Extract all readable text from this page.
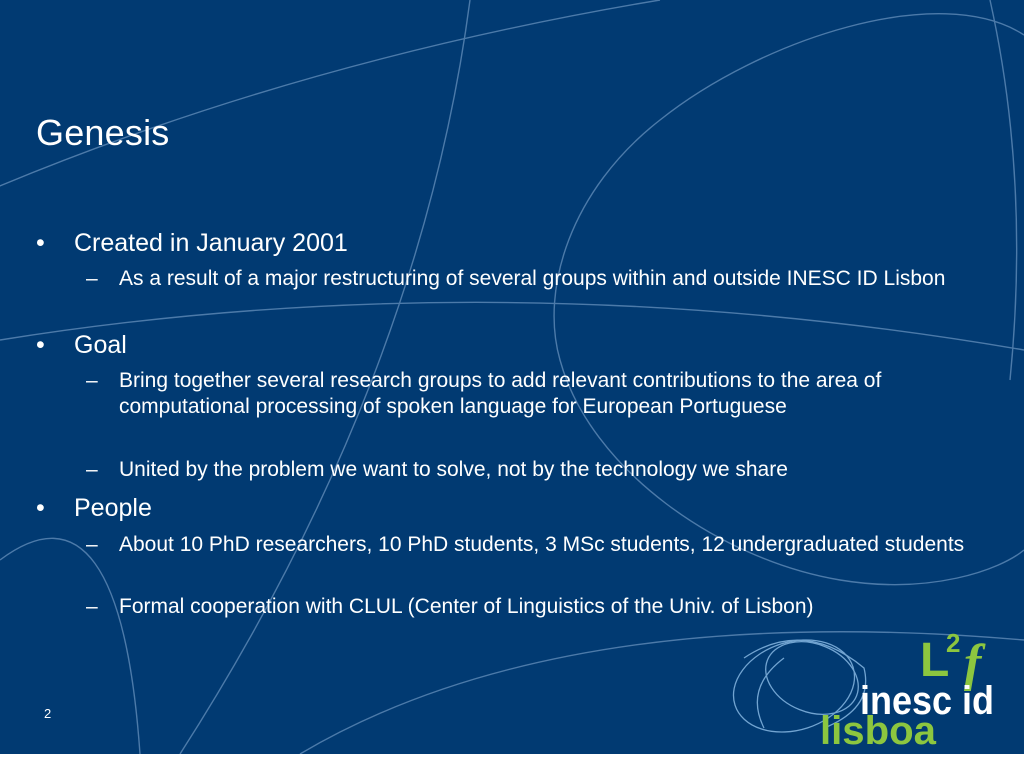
Genesis
•	Created in January 2001
–	As a result of a major restructuring of several groups within and outside INESC ID Lisbon
•	Goal
–	Bring together several research groups to add relevant contributions to the area of computational processing of spoken language for European Portuguese
–	United by the problem we want to solve, not by the technology we share
•	People
–	About 10 PhD researchers, 10 PhD students, 3 MSc students, 12 undergraduated students
–	Formal cooperation with CLUL (Center of Linguistics of the Univ. of Lisbon)
2
L
2 f
inesc id
lisboa
